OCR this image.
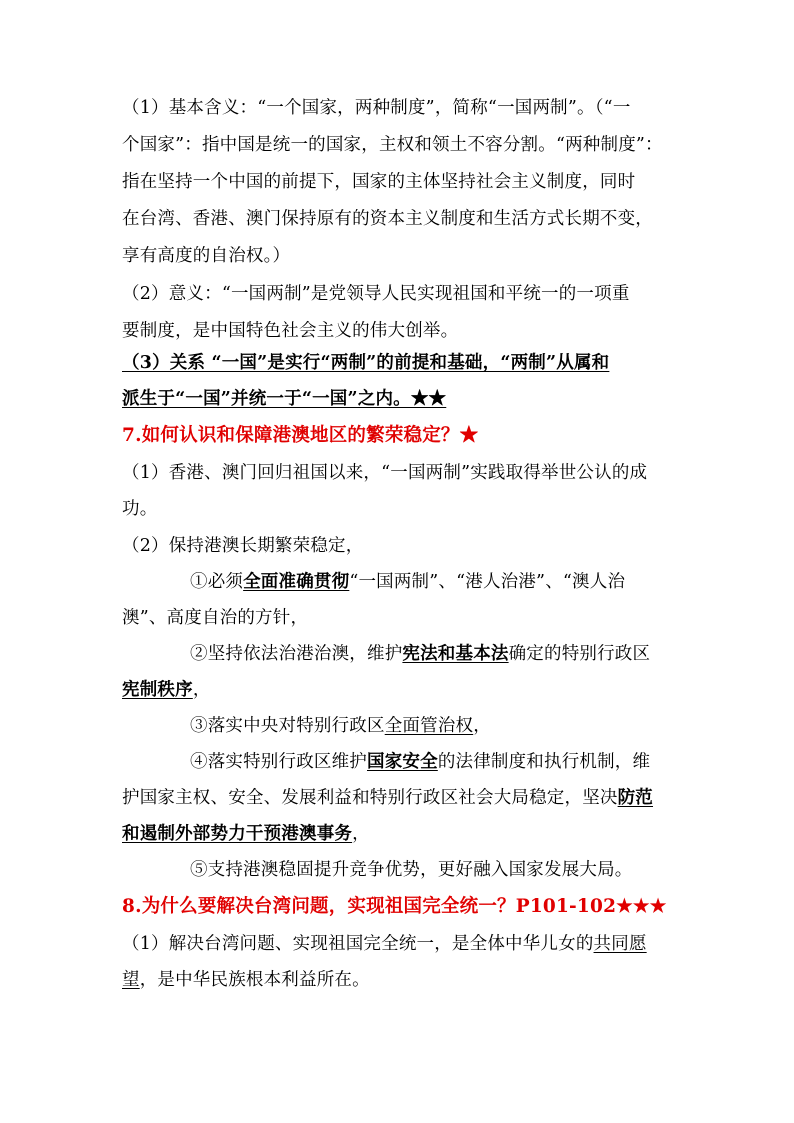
（1）基本含义：“一个国家，两种制度”，简称“一国两制”。（“一
个国家”：指中国是统一的国家，主权和领土不容分割。“两种制度”：
指在坚持一个中国的前提下，国家的主体坚持社会主义制度，同时
在台湾、香港、澳门保持原有的资本主义制度和生活方式长期不变，
享有高度的自治权。）
（2）意义：“一国两制”是党领导人民实现祖国和平统一的一项重
要制度，是中国特色社会主义的伟大创举。
（3）关系 “一国”是实行“两制”的前提和基础，“两制”从属和
派生于“一国”并统一于“一国”之内。★★
7.如何认识和保障港澳地区的繁荣稳定？★
（1）香港、澳门回归祖国以来，“一国两制”实践取得举世公认的成
功。
（2）保持港澳长期繁荣稳定，
①必须全面准确贯彻“一国两制”、“港人治港”、“澳人治
澳”、高度自治的方针，
②坚持依法治港治澳，维护宪法和基本法确定的特别行政区
宪制秩序，
③落实中央对特别行政区全面管治权，
④落实特别行政区维护国家安全的法律制度和执行机制，维
护国家主权、安全、发展利益和特别行政区社会大局稳定，坚决防范
和遏制外部势力干预港澳事务，
⑤支持港澳稳固提升竞争优势，更好融入国家发展大局。
8.为什么要解决台湾问题，实现祖国完全统一？P101-102★★★
（1）解决台湾问题、实现祖国完全统一，是全体中华儿女的共同愿
望，是中华民族根本利益所在。
